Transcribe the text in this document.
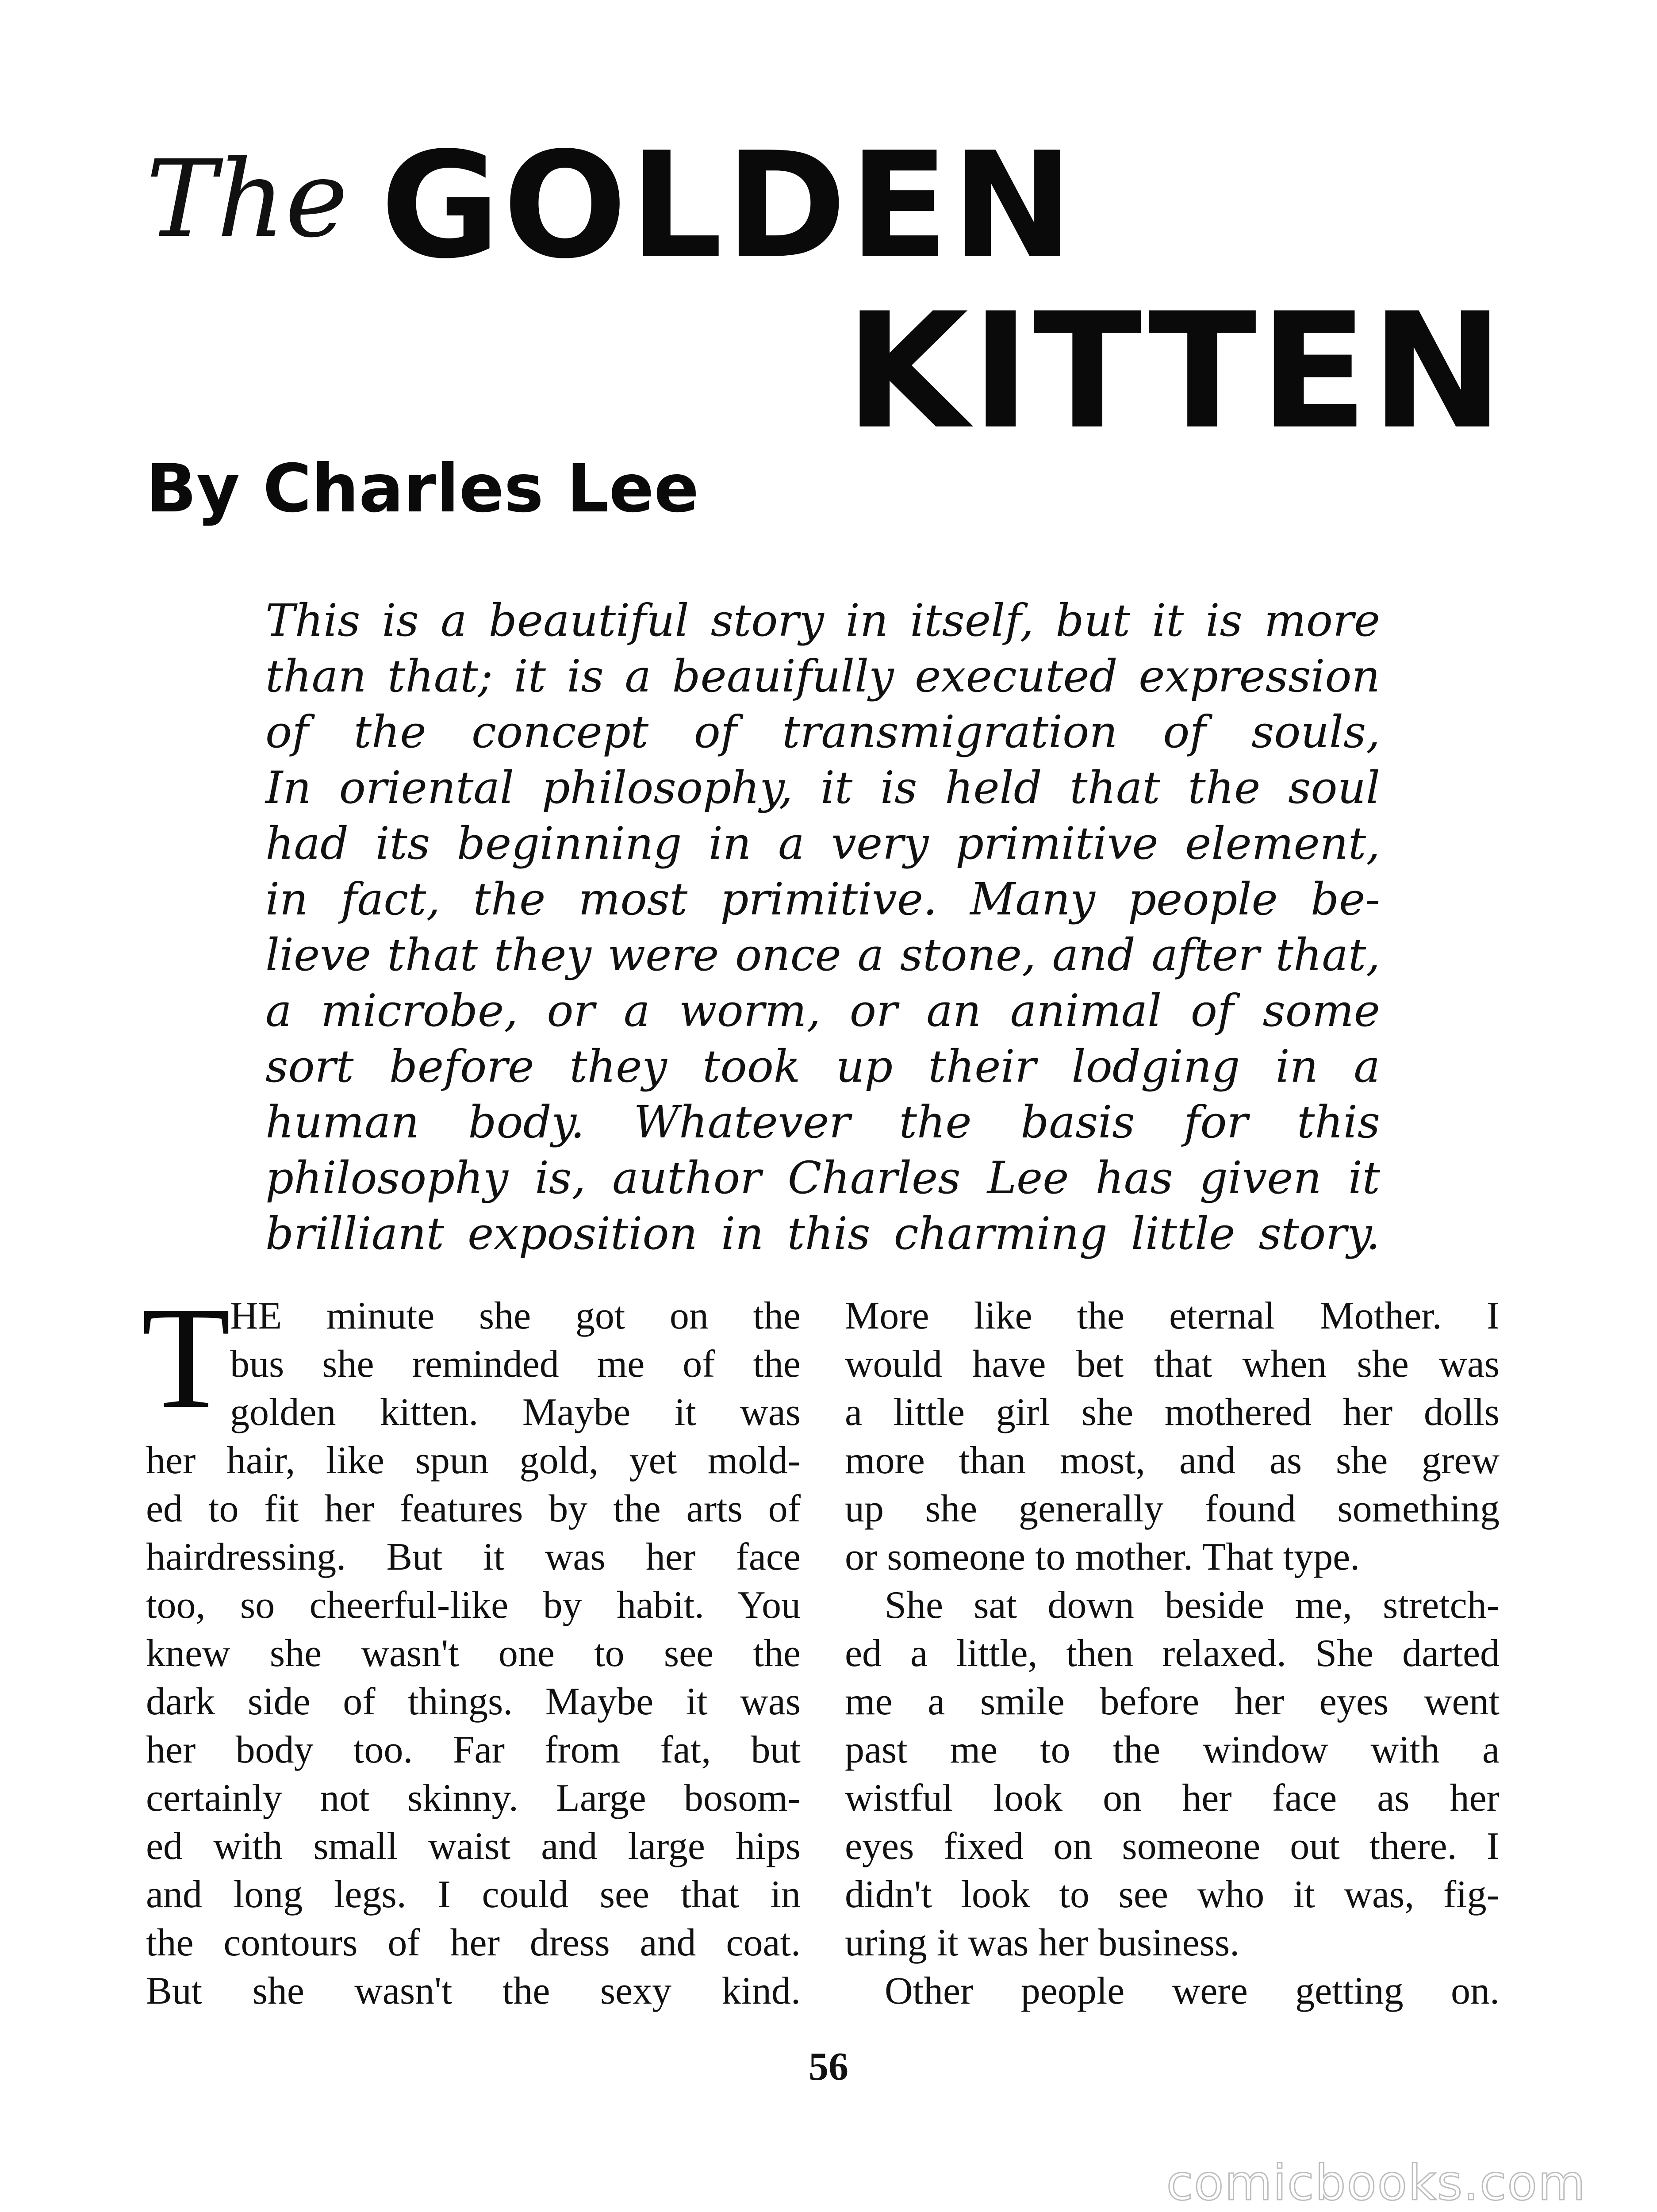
The GOLDEN
KITTEN
By Charles Lee

This is a beautiful story in itself, but it is more
than that; it is a beauifully executed expression
of the concept of transmigration of souls,
In oriental philosophy, it is held that the soul
had its beginning in a very primitive element,
in fact, the most primitive. Many people be-
lieve that they were once a stone, and after that,
a microbe, or a worm, or an animal of some
sort before they took up their lodging in a
human body. Whatever the basis for this
philosophy is, author Charles Lee has given it
brilliant exposition in this charming little story.

T
HE minute she got on the
bus she reminded me of the
golden kitten. Maybe it was
her hair, like spun gold, yet mold-
ed to fit her features by the arts of
hairdressing. But it was her face
too, so cheerful-like by habit. You
knew she wasn't one to see the
dark side of things. Maybe it was
her body too. Far from fat, but
certainly not skinny. Large bosom-
ed with small waist and large hips
and long legs. I could see that in
the contours of her dress and coat.
But she wasn't the sexy kind.
More like the eternal Mother. I
would have bet that when she was
a little girl she mothered her dolls
more than most, and as she grew
up she generally found something
or someone to mother. That type.
She sat down beside me, stretch-
ed a little, then relaxed. She darted
me a smile before her eyes went
past me to the window with a
wistful look on her face as her
eyes fixed on someone out there. I
didn't look to see who it was, fig-
uring it was her business.
Other people were getting on.
56
comicbooks.com
